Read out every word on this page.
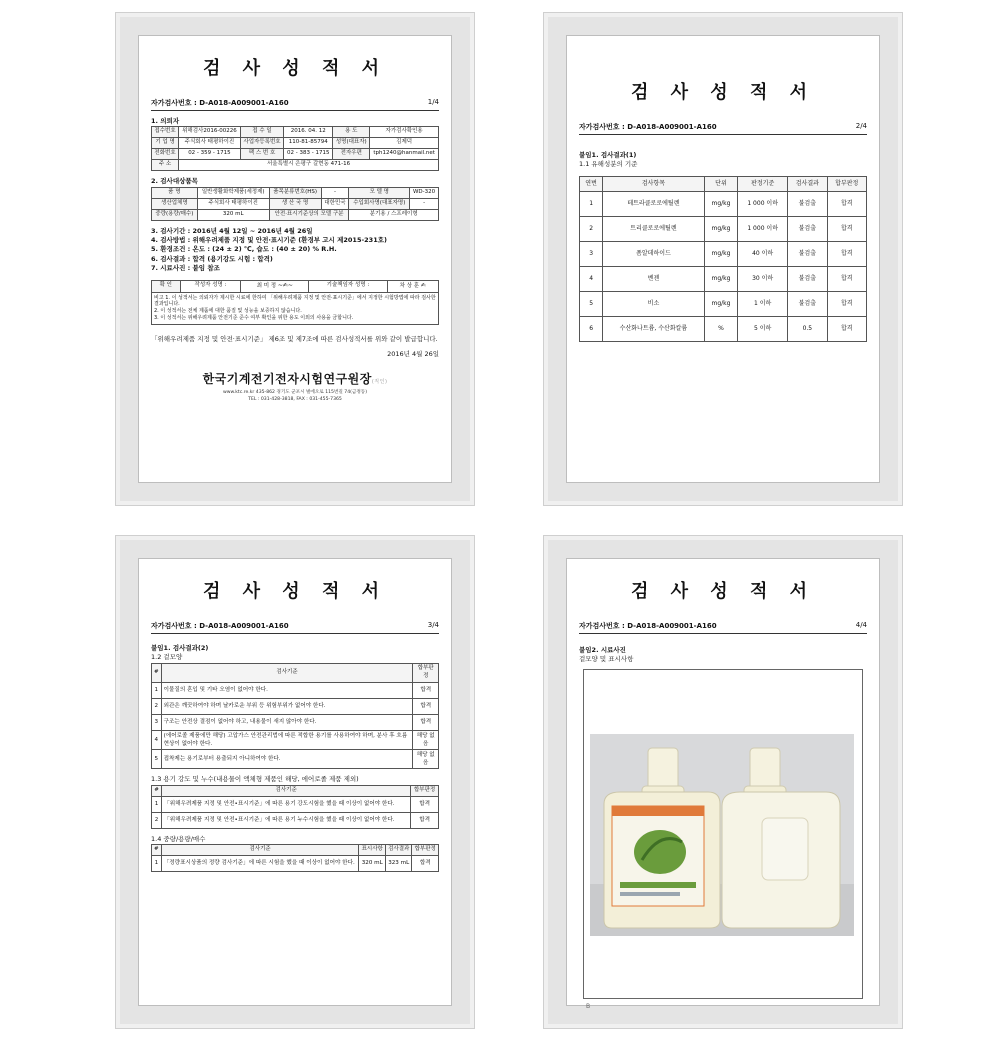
검 사 성 적 서
자가검사번호 : D-A018-A009001-A160	1/4
1. 의뢰자
접수번호	위해검사2016-00226	접 수 일	2016. 04. 12	용 도	자가검사확인용
기 업 명	주식회사 태평하이진	사업자등록번호	110-81-85794	성명(대표자)	김제덕
전화번호	02 - 359 - 1715	팩 스 번 호	02 - 383 - 1715	전자우편	tph1240@hanmail.net
주 소	서울특별시 은평구 갈현동 471-16				
2. 검사대상품목
품 명	일반생활화학제품(세정제)	품목분류번호(HS)	-	모 델 명	WD-320
생산업체명	주식회사 태평하이진	생 산 국 명	대한민국	수입회사명(대표자명)	-
중량(용량/매수)	320 mL	안전·표시기준상의 모델 구분		분기용 / 스프레이형	
3. 검사기간 : 2016년 4월 12일 ~ 2016년 4월 26일
4. 검사방법 : 위해우려제품 지정 및 안전·표시기준 (환경부 고시 제2015-231호)
5. 환경조건 : 온도 : (24 ± 2) ℃, 습도 : (40 ± 20) % R.H.
6. 검사결과 : 합격 (용기강도 시험 : 합격)
7. 시료사진 : 붙임 참조
확 인	작성자 성명 :	최 미 정 ~✍~	기술책임자 성명 :	차 상 훈 ✍
비고 1. 이 성적서는 의뢰자가 제시한 시료에 한하여 「위해우려제품 지정 및 안전·표시기준」에서 지정한 시험방법에 따라 검사한 결과입니다.
2. 이 성적서는 전체 제품에 대한 품질 및 성능을 보증하지 않습니다.
3. 이 성적서는 위해우려제품 안전기준 준수 여부 확인을 위한 용도 이외의 사용을 금합니다.
「위해우려제품 지정 및 안전·표시기준」 제6조 및 제7조에 따른 검사성적서를 위와 같이 발급합니다.
2016년 4월 26일
한국기계전기전자시험연구원장(직인)
www.ktc.re.kr 435-862 경기도 군포시 벌에오로 115번길 74(금정동)
TEL : 031-428-3818, FAX : 031-455-7365
검 사 성 적 서
자가검사번호 : D-A018-A009001-A160	2/4
붙임1. 검사결과(1)
1.1 유해성분의 기준
연번	검사항목	단위	판정기준	검사결과	합부판정
1	테트라클로로에틸렌	mg/kg	1 000 이하	불검출	합격
2	트리클로로에틸렌	mg/kg	1 000 이하	불검출	합격
3	폼알데하이드	mg/kg	40 이하	불검출	합격
4	벤젠	mg/kg	30 이하	불검출	합격
5	비소	mg/kg	1 이하	불검출	합격
6	수산화나트륨, 수산화칼륨	%	5 이하	0.5	합격
검 사 성 적 서
자가검사번호 : D-A018-A009001-A160	3/4
붙임1. 검사결과(2)
1.2 겉모양
#	검사기준	합부판정
1	이물질의 혼입 및 기타 오염이 없어야 한다.	합격
2	외관은 깨끗하여야 하며 날카로운 부위 등 위험부위가 없어야 한다.	합격
3	구조는 안전상 결점이 없어야 하고, 내용물이 새지 않아야 한다.	합격
4	(에어로졸 제품에만 해당) 고압가스 안전관리법에 따른 적합한 용기를 사용하여야 하며, 분사 후 흐름현상이 없어야 한다.	해당 없음
5	접착제는 용기로부터 용출되지 아니하여야 한다.	해당 없음
1.3 용기 강도 및 누수(내용물이 액체형 제품인 해당, 에어로졸 제품 제외)
#	검사기준	합부판정
1	「위해우려제품 지정 및 안전•표시기준」에 따른 용기 강도시험을 했을 때 이상이 없어야 한다.	합격
2	「위해우려제품 지정 및 안전•표시기준」에 따른 용기 누수시험을 했을 때 이상이 없어야 한다.	합격
1.4 중량/용량/매수
#	검사기준	표시사항	검사결과	합부판정
1	「정량표시상품의 정량 검사기준」에 따른 시험을 했을 때 이상이 없어야 한다.	320 mL	323 mL	합격
검 사 성 적 서
자가검사번호 : D-A018-A009001-A160	4/4
붙임2. 시료사진
겉모양 및 표시사항
B
